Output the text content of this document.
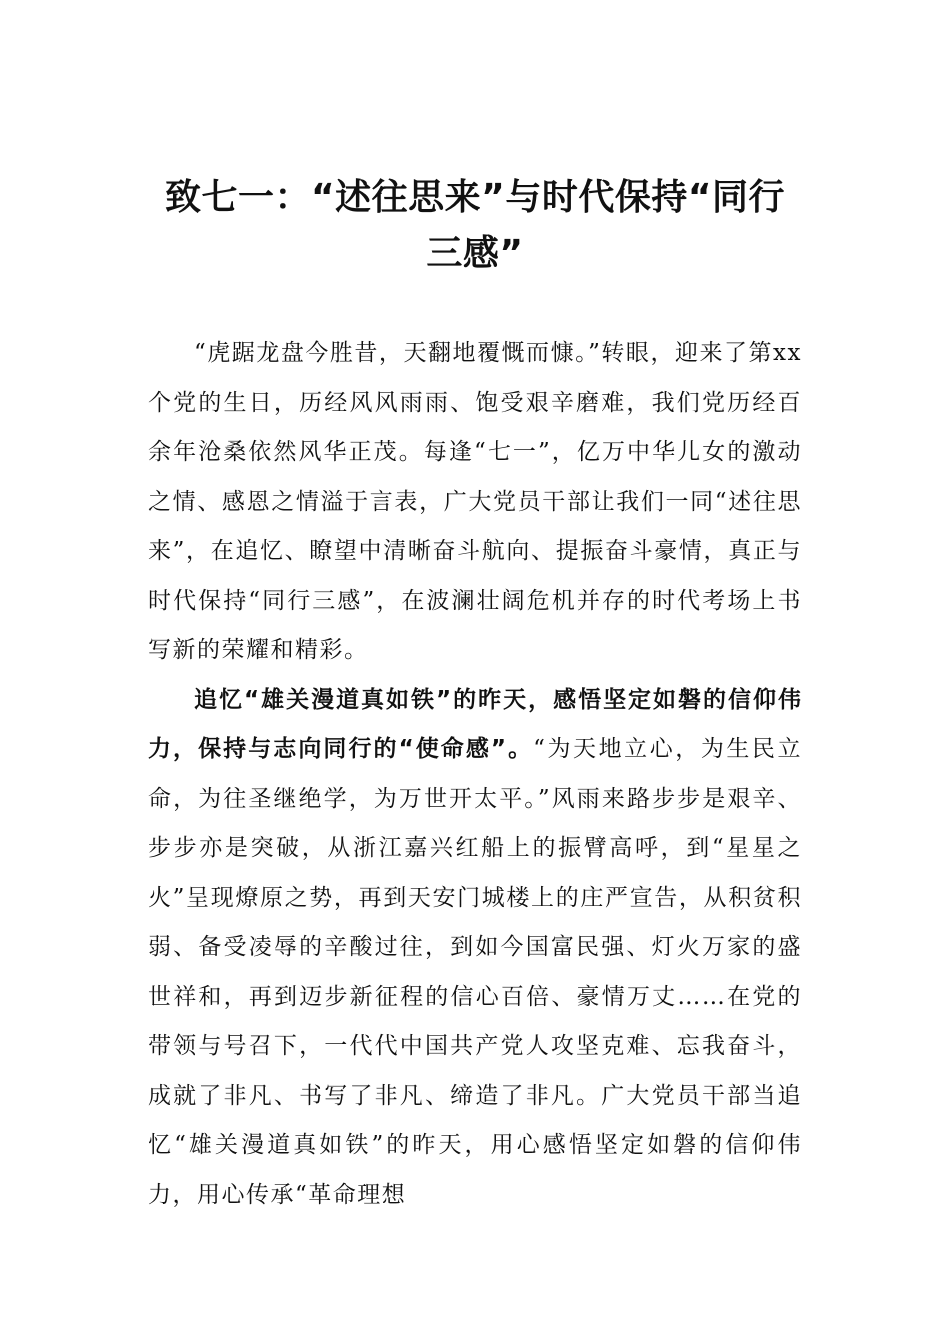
致七一：“述往思来”与时代保持“同行三感”

“虎踞龙盘今胜昔，天翻地覆慨而慷。”转眼，迎来了第xx个党的生日，历经风风雨雨、饱受艰辛磨难，我们党历经百余年沧桑依然风华正茂。每逢“七一”，亿万中华儿女的激动之情、感恩之情溢于言表，广大党员干部让我们一同“述往思来”，在追忆、瞭望中清晰奋斗航向、提振奋斗豪情，真正与时代保持“同行三感”，在波澜壮阔危机并存的时代考场上书写新的荣耀和精彩。

追忆“雄关漫道真如铁”的昨天，感悟坚定如磐的信仰伟力，保持与志向同行的“使命感”。“为天地立心，为生民立命，为往圣继绝学，为万世开太平。”风雨来路步步是艰辛、步步亦是突破，从浙江嘉兴红船上的振臂高呼，到“星星之火”呈现燎原之势，再到天安门城楼上的庄严宣告，从积贫积弱、备受凌辱的辛酸过往，到如今国富民强、灯火万家的盛世祥和，再到迈步新征程的信心百倍、豪情万丈……在党的带领与号召下，一代代中国共产党人攻坚克难、忘我奋斗，成就了非凡、书写了非凡、缔造了非凡。广大党员干部当追忆“雄关漫道真如铁”的昨天，用心感悟坚定如磐的信仰伟力，用心传承“革命理想
